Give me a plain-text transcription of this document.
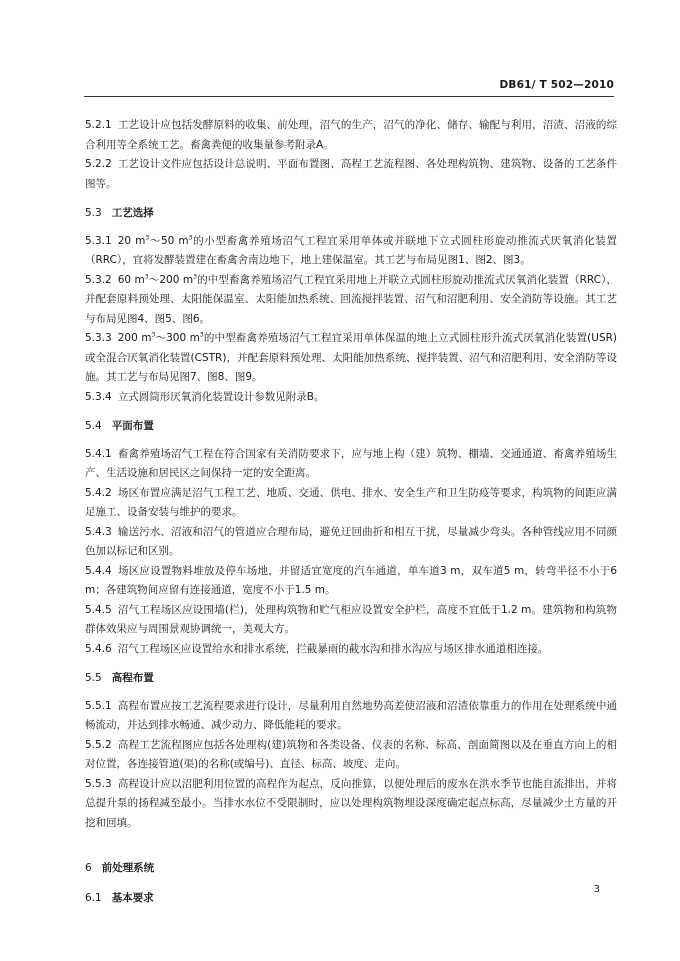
DB61/ T 502—2010
5.2.1 工艺设计应包括发酵原料的收集、前处理，沼气的生产，沼气的净化、储存、输配与利用，沼渣、沼液的综合利用等全系统工艺。畜禽粪便的收集量参考附录A。
5.2.2 工艺设计文件应包括设计总说明、平面布置图、高程工艺流程图、各处理构筑物、建筑物、设备的工艺条件图等。
5.3 工艺选择
5.3.1 20 $m^3\sim 50$ $m^3$的小型畜禽养殖场沼气工程宜采用单体或并联地下立式圆柱形旋动推流式厌氧消化装置（RRC），宜将发酵装置建在畜禽舍南边地下，地上建保温室。其工艺与布局见图1、图2、图3。
5.3.2 60 $m^3\sim 200$ $m^3$的中型畜禽养殖场沼气工程宜采用地上并联立式圆柱形旋动推流式厌氧消化装置（RRC），并配套原料预处理、太阳能保温室、太阳能加热系统、回流搅拌装置、沼气和沼肥利用、安全消防等设施。其工艺与布局见图4、图5、图6。
5.3.3 200 $m^3\sim 300$ $m^3$的中型畜禽养殖场沼气工程宜采用单体保温的地上立式圆柱形升流式厌氧消化装置(USR)或全混合厌氧消化装置(CSTR)，并配套原料预处理、太阳能加热系统、搅拌装置、沼气和沼肥利用、安全消防等设施。其工艺与布局见图7、图8、图9。
5.3.4 立式圆筒形厌氧消化装置设计参数见附录B。
5.4 平面布置
5.4.1 畜禽养殖场沼气工程在符合国家有关消防要求下，应与地上构（建）筑物、棚墙、交通通道、畜禽养殖场生产、生活设施和居民区之间保持一定的安全距离。
5.4.2 场区布置应满足沼气工程工艺、地质、交通、供电、排水、安全生产和卫生防疫等要求，构筑物的间距应满足施工、设备安装与维护的要求。
5.4.3 输送污水、沼液和沼气的管道应合理布局，避免迂回曲折和相互干扰，尽量减少弯头。各种管线应用不同颜色加以标记和区别。
5.4.4 场区应设置物料堆放及停车场地，并留适宜宽度的汽车通道，单车道3 m，双车道5 m，转弯半径不小于6 m；各建筑物间应留有连接通道，宽度不小于1.5 m。
5.4.5 沼气工程场区应设围墙(栏)，处理构筑物和贮气柜应设置安全护栏，高度不宜低于1.2 m。建筑物和构筑物群体效果应与周围景观协调统一，美观大方。
5.4.6 沼气工程场区应设置给水和排水系统，拦截暴雨的截水沟和排水沟应与场区排水通道相连接。
5.5 高程布置
5.5.1 高程布置应按工艺流程要求进行设计，尽量利用自然地势高差使沼液和沼渣依靠重力的作用在处理系统中通畅流动，并达到排水畅通、减少动力、降低能耗的要求。
5.5.2 高程工艺流程图应包括各处理构(建)筑物和各类设备、仪表的名称、标高、剖面简图以及在垂直方向上的相对位置，各连接管道(渠)的名称(或编号)、直径、标高、坡度、走向。
5.5.3 高程设计应以沼肥利用位置的高程作为起点，反向推算，以便处理后的废水在洪水季节也能自流排出，并将总提升泵的扬程减至最小。当排水水位不受限制时，应以处理构筑物埋设深度确定起点标高，尽量减少土方量的开挖和回填。
6 前处理系统
6.1 基本要求
3
